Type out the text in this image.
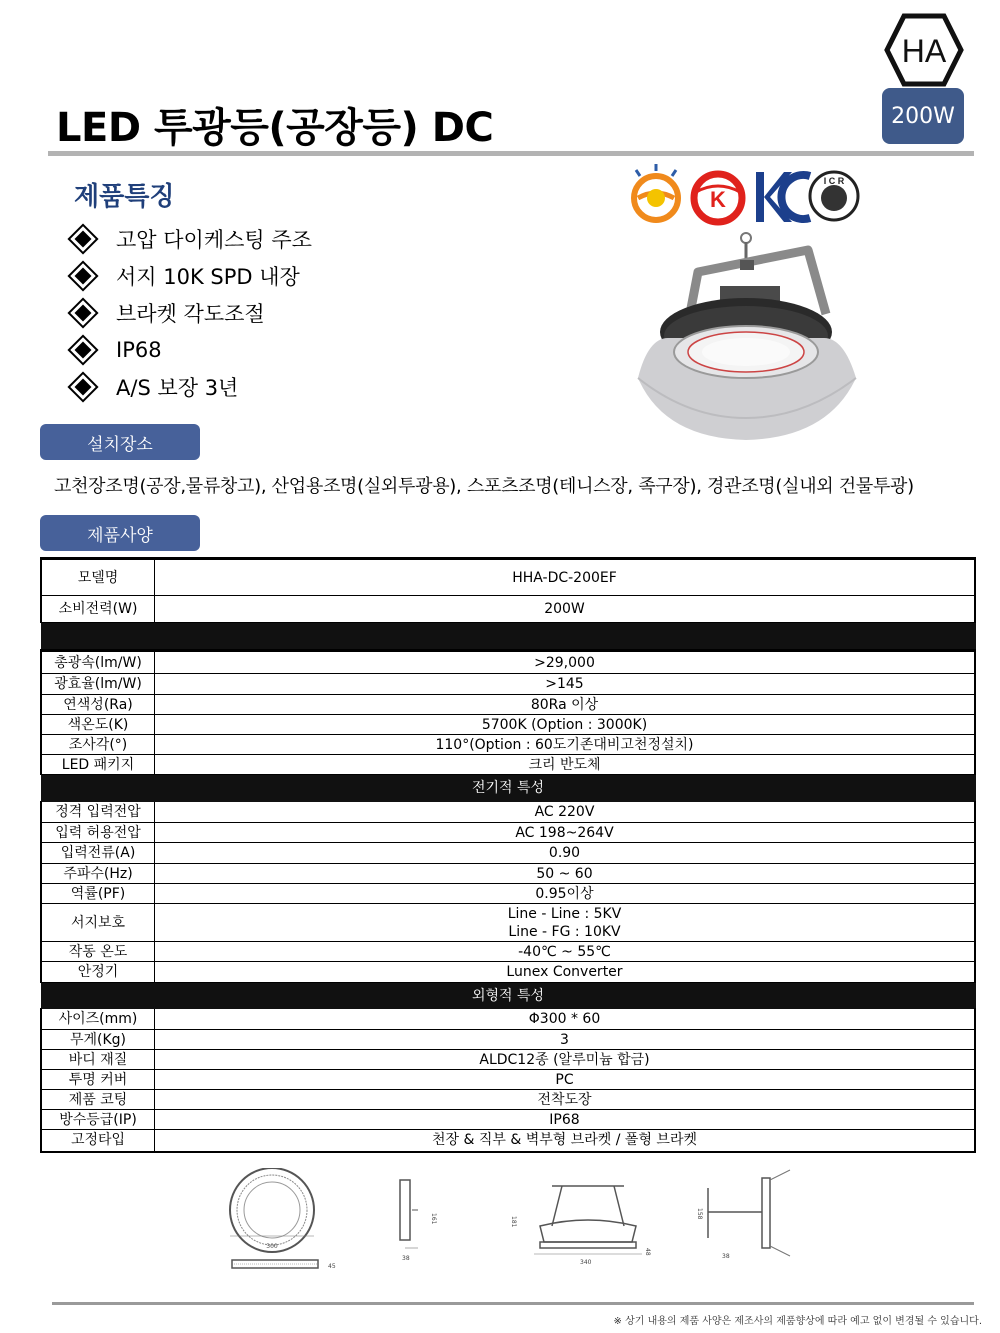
LED 투광등(공장등) DC
HA
200W
제품특징
고압 다이케스팅 주조
서지 10K SPD 내장
브라켓 각도조절
IP68
A/S 보장 3년
K
I C R
설치장소
고천장조명(공장,물류창고), 산업용조명(실외투광용), 스포츠조명(테니스장, 족구장), 경관조명(실내외 건물투광)
제품사양
모델명	HHA-DC-200EF
소비전력(W)	200W

총광속(lm/W)	>29,000
광효율(lm/W)	>145
연색성(Ra)	80Ra 이상
색온도(K)	5700K (Option : 3000K)
조사각(°)	110°(Option : 60도기존대비고천정설치)
LED 패키지	크리 반도체
전기적 특성	
정격 입력전압	AC 220V
입력 허용전압	AC 198~264V
입력전류(A)	0.90
주파수(Hz)	50 ~ 60
역률(PF)	0.95이상
서지보호	Line - Line : 5KV
Line - FG : 10KV

작동 온도	-40℃ ~ 55℃
안정기	Lunex Converter
외형적 특성	
사이즈(mm)	Φ300 * 60
무게(Kg)	3
바디 재질	ALDC12종 (알루미늄 합금)
투명 커버	PC
제품 코팅	전착도장
방수등급(IP)	IP68
고정타입	천장 & 직부 & 벽부형 브라켓 / 폴형 브라켓
300
45
38
161
340
181
48
38
158
※ 상기 내용의 제품 사양은 제조사의 제품향상에 따라 예고 없이 변경될 수 있습니다.
